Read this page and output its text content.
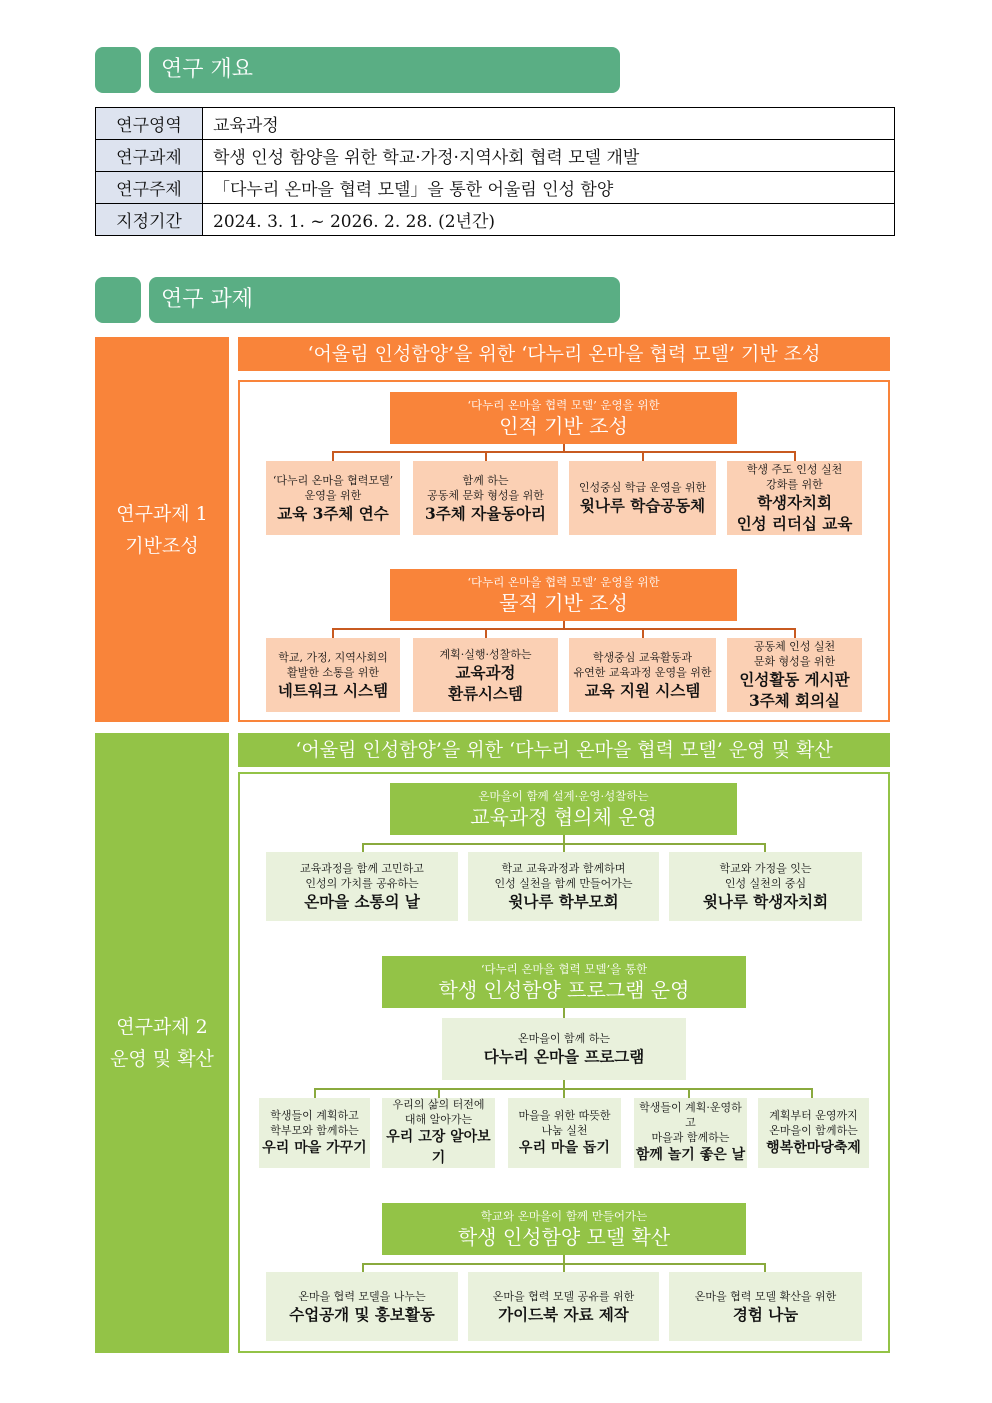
연구 개요
연구영역	교육과정
연구과제	학생 인성 함양을 위한 학교·가정·지역사회 협력 모델 개발
연구주제	「다누리 온마을 협력 모델」을 통한 어울림 인성 함양
지정기간	2024. 3. 1. ~ 2026. 2. 28. (2년간)
연구 과제
연구과제 1
기반조성
‘어울림 인성함양’을 위한 ‘다누리 온마을 협력 모델’ 기반 조성
‘다누리 온마을 협력 모델’ 운영을 위한
인적 기반 조성
‘다누리 온마을 협력모델’
운영을 위한
교육 3주체 연수
함께 하는
공동체 문화 형성을 위한
3주체 자율동아리
인성중심 학급 운영을 위한
윗나루 학습공동체
학생 주도 인성 실천
강화를 위한
학생자치회
인성 리더십 교육
‘다누리 온마을 협력 모델’ 운영을 위한
물적 기반 조성
학교, 가정, 지역사회의
활발한 소통을 위한
네트워크 시스템
계획·실행·성찰하는
교육과정
환류시스템
학생중심 교육활동과
유연한 교육과정 운영을 위한
교육 지원 시스템
공동체 인성 실천
문화 형성을 위한
인성활동 게시판
3주체 회의실
연구과제 2
운영 및 확산
‘어울림 인성함양’을 위한 ‘다누리 온마을 협력 모델’ 운영 및 확산
온마을이 함께 설계·운영·성찰하는
교육과정 협의체 운영
교육과정을 함께 고민하고
인성의 가치를 공유하는
온마을 소통의 날
학교 교육과정과 함께하며
인성 실천을 함께 만들어가는
윗나루 학부모회
학교와 가정을 잇는
인성 실천의 중심
윗나루 학생자치회
‘다누리 온마을 협력 모델’을 통한
학생 인성함양 프로그램 운영
온마을이 함께 하는
다누리 온마을 프로그램
학생들이 계획하고
학부모와 함께하는
우리 마을 가꾸기
우리의 삶의 터전에
대해 알아가는
우리 고장 알아보기
마을을 위한 따뜻한
나눔 실천
우리 마을 돕기
학생들이 계획·운영하고
마을과 함께하는
함께 놀기 좋은 날
계획부터 운영까지
온마을이 함께하는
행복한마당축제
학교와 온마을이 함께 만들어가는
학생 인성함양 모델 확산
온마을 협력 모델을 나누는
수업공개 및 홍보활동
온마을 협력 모델 공유를 위한
가이드북 자료 제작
온마을 협력 모델 확산을 위한
경험 나눔
